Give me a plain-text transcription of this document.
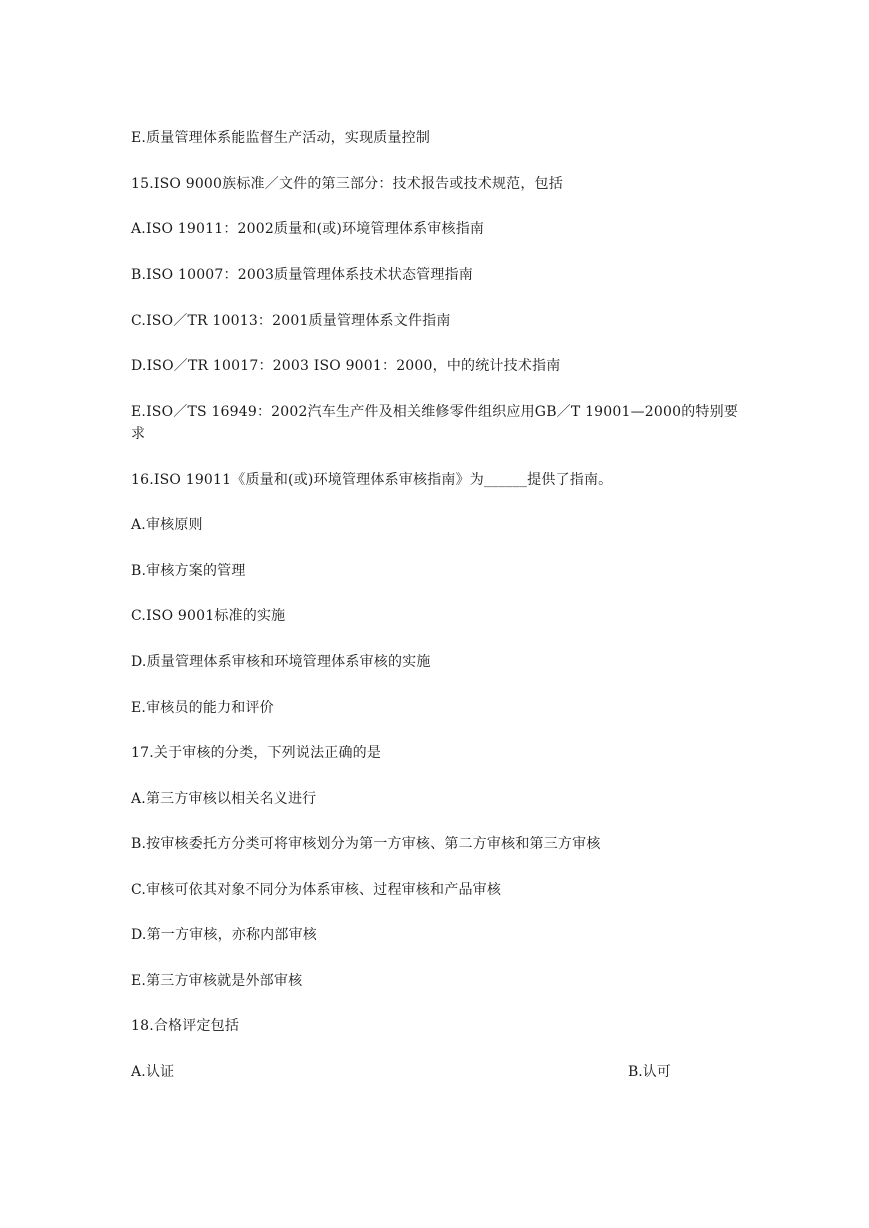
E.质量管理体系能监督生产活动，实现质量控制
15.ISO 9000族标准／文件的第三部分：技术报告或技术规范，包括
A.ISO 19011：2002质量和(或)环境管理体系审核指南
B.ISO 10007：2003质量管理体系技术状态管理指南
C.ISO／TR 10013：2001质量管理体系文件指南
D.ISO／TR 10017：2003 ISO 9001：2000，中的统计技术指南
E.ISO／TS 16949：2002汽车生产件及相关维修零件组织应用GB／T 19001—2000的特别要求
16.ISO 19011《质量和(或)环境管理体系审核指南》为______提供了指南。
A.审核原则
B.审核方案的管理
C.ISO 9001标准的实施
D.质量管理体系审核和环境管理体系审核的实施
E.审核员的能力和评价
17.关于审核的分类，下列说法正确的是
A.第三方审核以相关名义进行
B.按审核委托方分类可将审核划分为第一方审核、第二方审核和第三方审核
C.审核可依其对象不同分为体系审核、过程审核和产品审核
D.第一方审核，亦称内部审核
E.第三方审核就是外部审核
18.合格评定包括
A.认证	B.认可
